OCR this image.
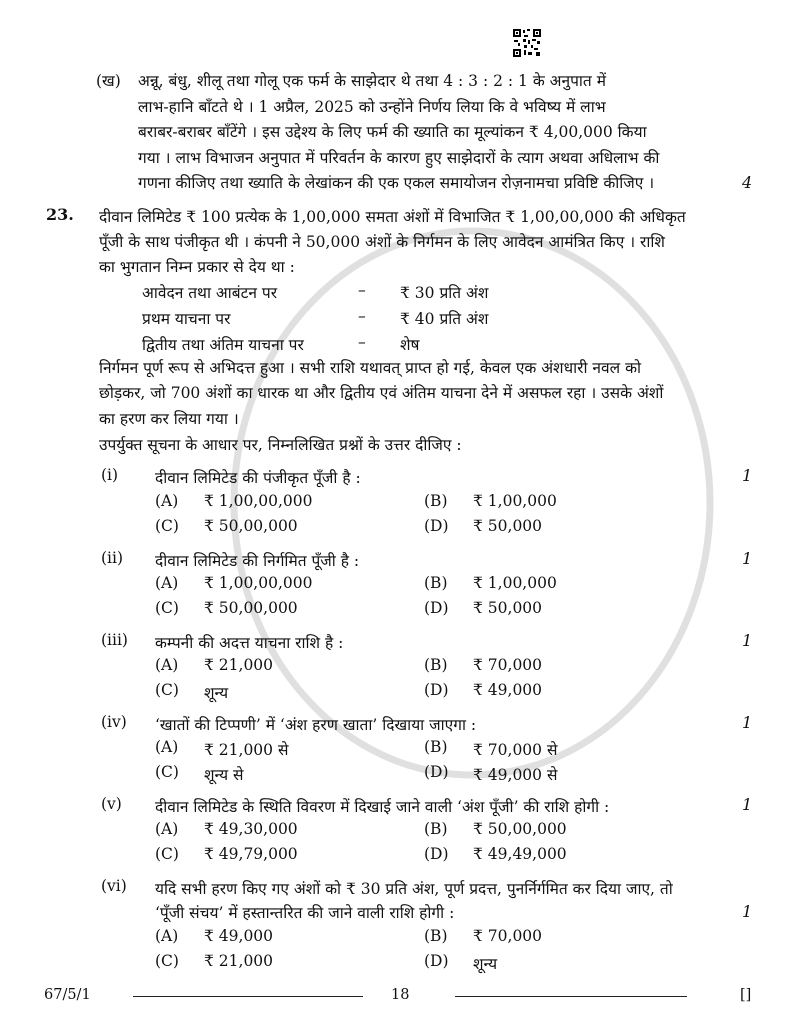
(ख) अन्नू, बंधु, शीलू तथा गोलू एक फर्म के साझेदार थे तथा 4 : 3 : 2 : 1 के अनुपात में
लाभ-हानि बाँटते थे । 1 अप्रैल, 2025 को उन्होंने निर्णय लिया कि वे भविष्य में लाभ
बराबर-बराबर बाँटेंगे । इस उद्देश्य के लिए फर्म की ख्याति का मूल्यांकन ₹ 4,00,000 किया
गया । लाभ विभाजन अनुपात में परिवर्तन के कारण हुए साझेदारों के त्याग अथवा अधिलाभ की
गणना कीजिए तथा ख्याति के लेखांकन की एक एकल समायोजन रोज़नामचा प्रविष्टि कीजिए ।	4
23. दीवान लिमिटेड ₹ 100 प्रत्येक के 1,00,000 समता अंशों में विभाजित ₹ 1,00,00,000 की अधिकृत
पूँजी के साथ पंजीकृत थी । कंपनी ने 50,000 अंशों के निर्गमन के लिए आवेदन आमंत्रित किए । राशि
का भुगतान निम्न प्रकार से देय था :
आवेदन तथा आबंटन पर	– ₹ 30 प्रति अंश
प्रथम याचना पर	– ₹ 40 प्रति अंश
द्वितीय तथा अंतिम याचना पर	– शेष
निर्गमन पूर्ण रूप से अभिदत्त हुआ । सभी राशि यथावत् प्राप्त हो गई, केवल एक अंशधारी नवल को
छोड़कर, जो 700 अंशों का धारक था और द्वितीय एवं अंतिम याचना देने में असफल रहा । उसके अंशों
का हरण कर लिया गया ।
उपर्युक्त सूचना के आधार पर, निम्नलिखित प्रश्नों के उत्तर दीजिए :
(i) दीवान लिमिटेड की पंजीकृत पूँजी है :	1
(A) ₹ 1,00,00,000	(B) ₹ 1,00,000
(C) ₹ 50,00,000	(D) ₹ 50,000
(ii) दीवान लिमिटेड की निर्गमित पूँजी है :	1
(A) ₹ 1,00,00,000	(B) ₹ 1,00,000
(C) ₹ 50,00,000	(D) ₹ 50,000
(iii) कम्पनी की अदत्त याचना राशि है :	1
(A) ₹ 21,000	(B) ₹ 70,000
(C) शून्य	(D) ₹ 49,000
(iv) ‘खातों की टिप्पणी’ में ‘अंश हरण खाता’ दिखाया जाएगा :	1
(A) ₹ 21,000 से	(B) ₹ 70,000 से
(C) शून्य से	(D) ₹ 49,000 से
(v) दीवान लिमिटेड के स्थिति विवरण में दिखाई जाने वाली ‘अंश पूँजी’ की राशि होगी :	1
(A) ₹ 49,30,000	(B) ₹ 50,00,000
(C) ₹ 49,79,000	(D) ₹ 49,49,000
(vi) यदि सभी हरण किए गए अंशों को ₹ 30 प्रति अंश, पूर्ण प्रदत्त, पुनर्निर्गमित कर दिया जाए, तो
‘पूँजी संचय’ में हस्तान्तरित की जाने वाली राशि होगी :	1
(A) ₹ 49,000	(B) ₹ 70,000
(C) ₹ 21,000	(D) शून्य
67/5/1	18	[]
